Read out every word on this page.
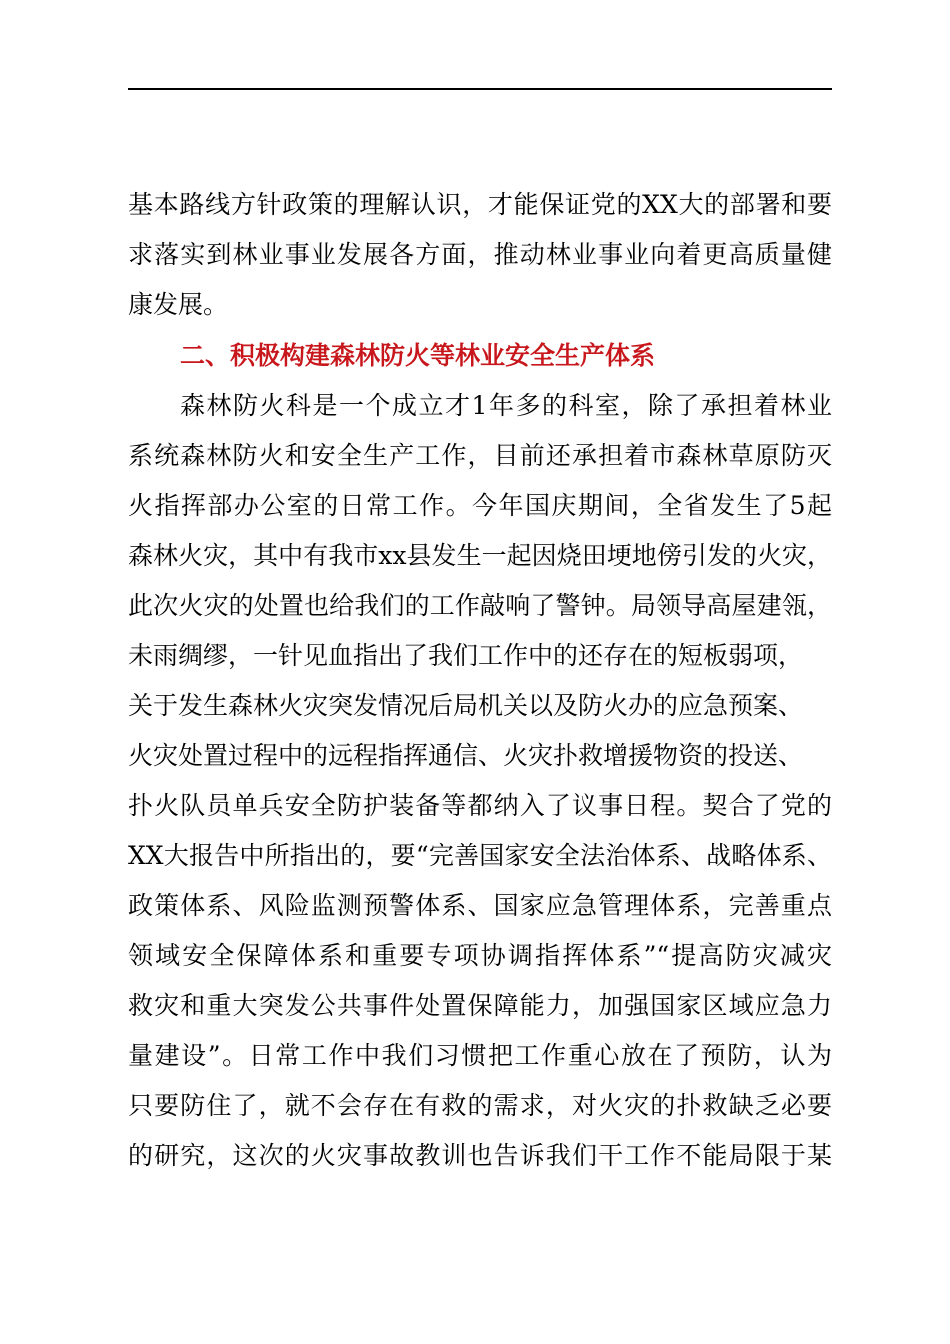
基本路线方针政策的理解认识，才能保证党的XX大的部署和要
求落实到林业事业发展各方面，推动林业事业向着更高质量健
康发展。
二、积极构建森林防火等林业安全生产体系
森林防火科是一个成立才1年多的科室，除了承担着林业
系统森林防火和安全生产工作，目前还承担着市森林草原防灭
火指挥部办公室的日常工作。今年国庆期间，全省发生了5起
森林火灾，其中有我市xx县发生一起因烧田埂地傍引发的火灾，
此次火灾的处置也给我们的工作敲响了警钟。局领导高屋建瓴，
未雨绸缪，一针见血指出了我们工作中的还存在的短板弱项，
关于发生森林火灾突发情况后局机关以及防火办的应急预案、
火灾处置过程中的远程指挥通信、火灾扑救增援物资的投送、
扑火队员单兵安全防护装备等都纳入了议事日程。契合了党的
XX大报告中所指出的，要“完善国家安全法治体系、战略体系、
政策体系、风险监测预警体系、国家应急管理体系，完善重点
领域安全保障体系和重要专项协调指挥体系”“提高防灾减灾
救灾和重大突发公共事件处置保障能力，加强国家区域应急力
量建设”。日常工作中我们习惯把工作重心放在了预防，认为
只要防住了，就不会存在有救的需求，对火灾的扑救缺乏必要
的研究，这次的火灾事故教训也告诉我们干工作不能局限于某
